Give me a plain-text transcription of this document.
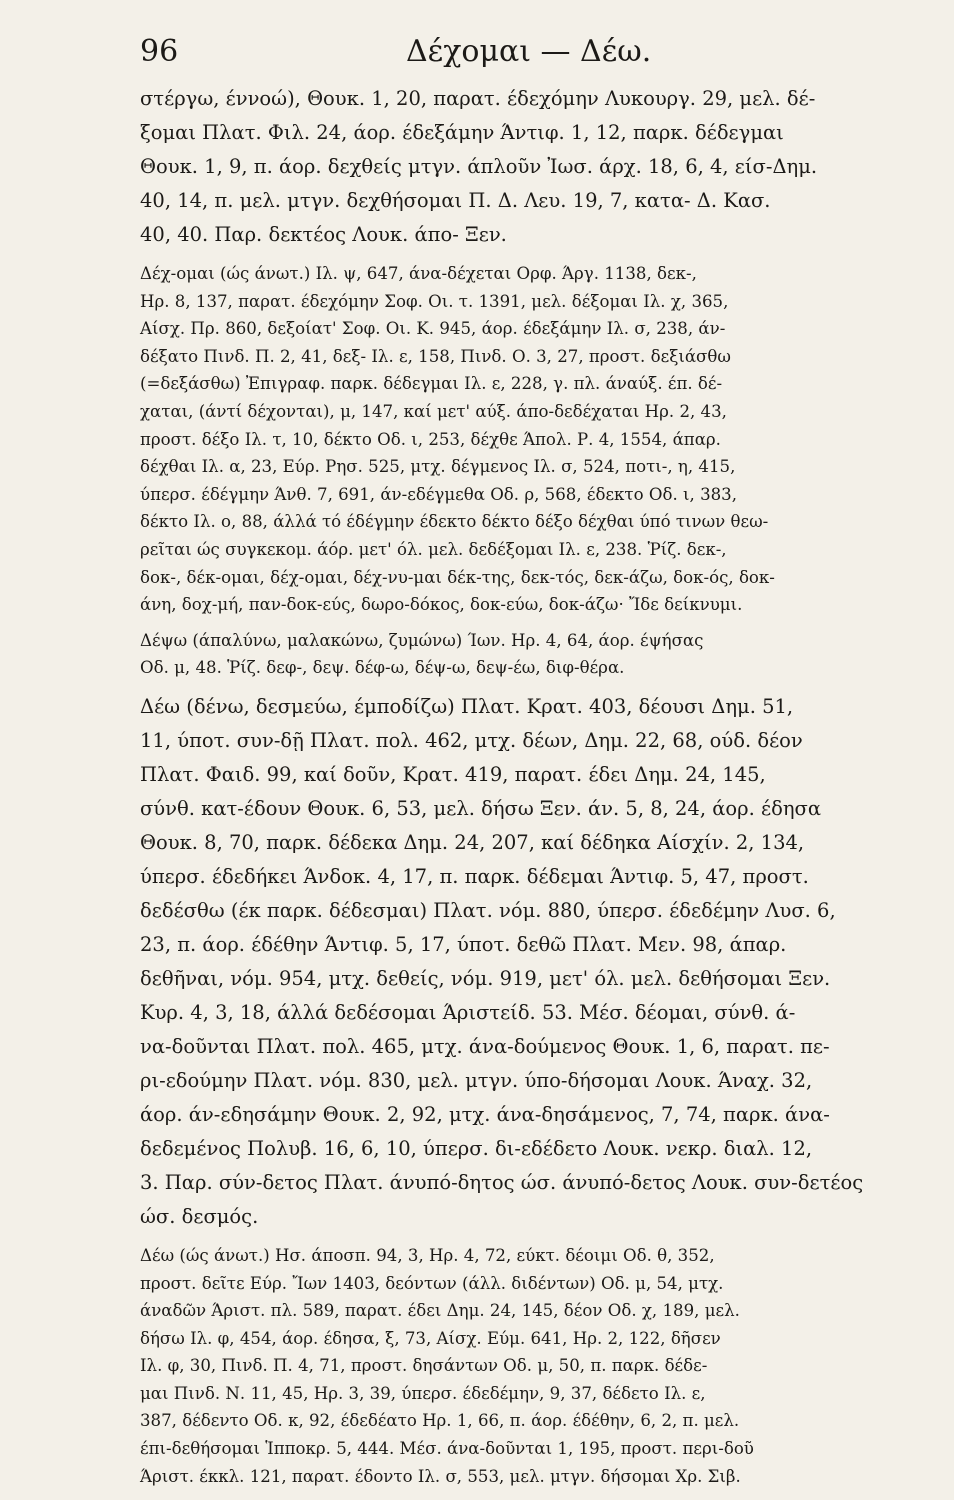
96	Δέχομαι — Δέω.
στέργω, έννοώ), Θουκ. 1, 20, παρατ. έδεχόμην Λυκουργ. 29, μελ. δέ-
ξομαι Πλατ. Φιλ. 24, άορ. έδεξάμην Άντιφ. 1, 12, παρκ. δέδεγμαι
Θουκ. 1, 9, π. άορ. δεχθείς μτγν. άπλοῦν Ἰωσ. άρχ. 18, 6, 4, είσ-Δημ.
40, 14, π. μελ. μτγν. δεχθήσομαι Π. Δ. Λευ. 19, 7, κατα- Δ. Κασ.
40, 40. Παρ. δεκτέος Λουκ. άπο- Ξεν.
Δέχ-ομαι (ώς άνωτ.) Ιλ. ψ, 647, άνα-δέχεται Ορφ. Άργ. 1138, δεκ-,
Ηρ. 8, 137, παρατ. έδεχόμην Σοφ. Οι. τ. 1391, μελ. δέξομαι Ιλ. χ, 365,
Αίσχ. Πρ. 860, δεξοίατ' Σοφ. Οι. Κ. 945, άορ. έδεξάμην Ιλ. σ, 238, άν-
δέξατο Πινδ. Π. 2, 41, δεξ- Ιλ. ε, 158, Πινδ. Ο. 3, 27, προστ. δεξιάσθω
(=δεξάσθω) Ἐπιγραφ. παρκ. δέδεγμαι Ιλ. ε, 228, γ. πλ. άναύξ. έπ. δέ-
χαται, (άντί δέχονται), μ, 147, καί μετ' αύξ. άπο-δεδέχαται Ηρ. 2, 43,
προστ. δέξο Ιλ. τ, 10, δέκτο Οδ. ι, 253, δέχθε Άπολ. Ρ. 4, 1554, άπαρ.
δέχθαι Ιλ. α, 23, Εύρ. Ρησ. 525, μτχ. δέγμενος Ιλ. σ, 524, ποτι-, η, 415,
ύπερσ. έδέγμην Άνθ. 7, 691, άν-εδέγμεθα Οδ. ρ, 568, έδεκτο Οδ. ι, 383,
δέκτο Ιλ. ο, 88, άλλά τό έδέγμην έδεκτο δέκτο δέξο δέχθαι ύπό τινων θεω-
ρεῖται ώς συγκεκομ. άόρ. μετ' όλ. μελ. δεδέξομαι Ιλ. ε, 238. Ῥίζ. δεκ-,
δοκ-, δέκ-ομαι, δέχ-ομαι, δέχ-νυ-μαι δέκ-της, δεκ-τός, δεκ-άζω, δοκ-ός, δοκ-
άνη, δοχ-μή, παν-δοκ-εύς, δωρο-δόκος, δοκ-εύω, δοκ-άζω· Ἴδε δείκνυμι.
Δέψω (άπαλύνω, μαλακώνω, ζυμώνω) Ίων. Ηρ. 4, 64, άορ. έψήσας
Οδ. μ, 48. Ῥίζ. δεφ-, δεψ. δέφ-ω, δέψ-ω, δεψ-έω, διφ-θέρα.
Δέω (δένω, δεσμεύω, έμποδίζω) Πλατ. Κρατ. 403, δέουσι Δημ. 51,
11, ύποτ. συν-δῇ Πλατ. πολ. 462, μτχ. δέων, Δημ. 22, 68, ούδ. δέον
Πλατ. Φαιδ. 99, καί δοῦν, Κρατ. 419, παρατ. έδει Δημ. 24, 145,
σύνθ. κατ-έδουν Θουκ. 6, 53, μελ. δήσω Ξεν. άν. 5, 8, 24, άορ. έδησα
Θουκ. 8, 70, παρκ. δέδεκα Δημ. 24, 207, καί δέδηκα Αίσχίν. 2, 134,
ύπερσ. έδεδήκει Άνδοκ. 4, 17, π. παρκ. δέδεμαι Άντιφ. 5, 47, προστ.
δεδέσθω (έκ παρκ. δέδεσμαι) Πλατ. νόμ. 880, ύπερσ. έδεδέμην Λυσ. 6,
23, π. άορ. έδέθην Άντιφ. 5, 17, ύποτ. δεθῶ Πλατ. Μεν. 98, άπαρ.
δεθῆναι, νόμ. 954, μτχ. δεθείς, νόμ. 919, μετ' όλ. μελ. δεθήσομαι Ξεν.
Κυρ. 4, 3, 18, άλλά δεδέσομαι Άριστείδ. 53. Μέσ. δέομαι, σύνθ. ά-
να-δοῦνται Πλατ. πολ. 465, μτχ. άνα-δούμενος Θουκ. 1, 6, παρατ. πε-
ρι-εδούμην Πλατ. νόμ. 830, μελ. μτγν. ύπο-δήσομαι Λουκ. Άναχ. 32,
άορ. άν-εδησάμην Θουκ. 2, 92, μτχ. άνα-δησάμενος, 7, 74, παρκ. άνα-
δεδεμένος Πολυβ. 16, 6, 10, ύπερσ. δι-εδέδετο Λουκ. νεκρ. διαλ. 12,
3. Παρ. σύν-δετος Πλατ. άνυπό-δητος ώσ. άνυπό-δετος Λουκ. συν-δετέος
ώσ. δεσμός.
Δέω (ώς άνωτ.) Ησ. άποσπ. 94, 3, Ηρ. 4, 72, εύκτ. δέοιμι Οδ. θ, 352,
προστ. δεῖτε Εύρ. Ἴων 1403, δεόντων (άλλ. διδέντων) Οδ. μ, 54, μτχ.
άναδῶν Άριστ. πλ. 589, παρατ. έδει Δημ. 24, 145, δέον Οδ. χ, 189, μελ.
δήσω Ιλ. φ, 454, άορ. έδησα, ξ, 73, Αίσχ. Εύμ. 641, Ηρ. 2, 122, δῆσεν
Ιλ. φ, 30, Πινδ. Π. 4, 71, προστ. δησάντων Οδ. μ, 50, π. παρκ. δέδε-
μαι Πινδ. Ν. 11, 45, Ηρ. 3, 39, ύπερσ. έδεδέμην, 9, 37, δέδετο Ιλ. ε,
387, δέδεντο Οδ. κ, 92, έδεδέατο Ηρ. 1, 66, π. άορ. έδέθην, 6, 2, π. μελ.
έπι-δεθήσομαι Ἱπποκρ. 5, 444. Μέσ. άνα-δοῦνται 1, 195, προστ. περι-δοῦ
Άριστ. έκκλ. 121, παρατ. έδοντο Ιλ. σ, 553, μελ. μτγν. δήσομαι Χρ. Σιβ.
